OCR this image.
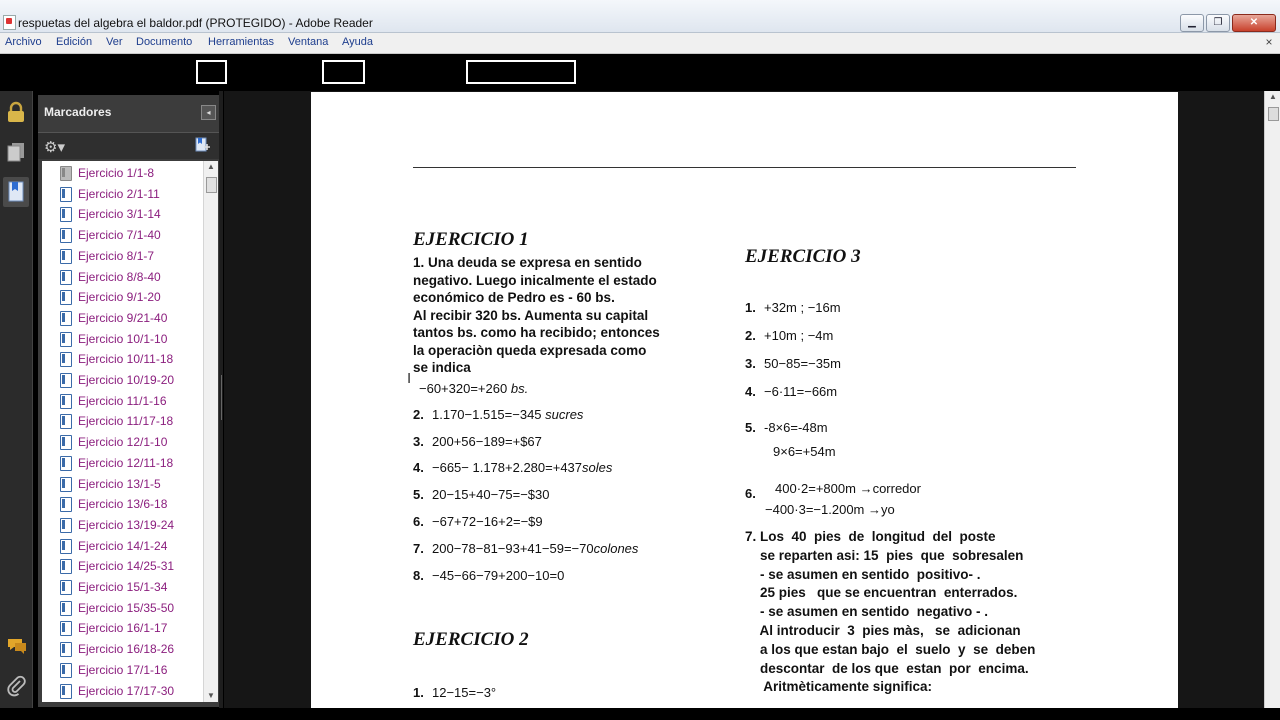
respuetas del algebra el baldor.pdf (PROTEGIDO) - Adobe Reader	▁	❐	✕
Archivo Edición Ver Documento Herramientas Ventana Ayuda	×
Marcadores	◂
⚙▾
▲
▼
Ejercicio 1/1-8
Ejercicio 2/1-11
Ejercicio 3/1-14
Ejercicio 7/1-40
Ejercicio 8/1-7
Ejercicio 8/8-40
Ejercicio 9/1-20
Ejercicio 9/21-40
Ejercicio 10/1-10
Ejercicio 10/11-18
Ejercicio 10/19-20
Ejercicio 11/1-16
Ejercicio 11/17-18
Ejercicio 12/1-10
Ejercicio 12/11-18
Ejercicio 13/1-5
Ejercicio 13/6-18
Ejercicio 13/19-24
Ejercicio 14/1-24
Ejercicio 14/25-31
Ejercicio 15/1-34
Ejercicio 15/35-50
Ejercicio 16/1-17
Ejercicio 16/18-26
Ejercicio 17/1-16
Ejercicio 17/17-30
EJERCICIO 1
1. Una deuda se expresa en sentido
negativo. Luego inicalmente el estado
económico de Pedro es - 60 bs.
Al recibir 320 bs. Aumenta su capital
tantos bs. como ha recibido; entonces
la operaciòn queda expresada como
se indica
I
−60+320=+260 bs.
2. 1.170−1.515=−345 sucres
3. 200+56−189=+$67
4. −665− 1.178+2.280=+437soles
5. 20−15+40−75=−$30
6. −67+72−16+2=−$9
7. 200−78−81−93+41−59=−70colones
8. −45−66−79+200−10=0
EJERCICIO 2
1. 12−15=−3°
EJERCICIO 3
1. +32m ; −16m
2. +10m ; −4m
3. 50−85=−35m
4. −6·11=−66m
5. -8×6=-48m
9×6=+54m
6.	400·2=+800m →corredor
−400·3=−1.200m →yo
7. Los  40  pies  de  longitud  del  poste
se reparten asi: 15  pies  que  sobresalen
- se asumen en sentido  positivo- .
25 pies   que se encuentran  enterrados.
- se asumen en sentido  negativo - .
Al introducir  3  pies màs,   se  adicionan
a los que estan bajo  el  suelo  y  se  deben
descontar  de los que  estan  por  encima.
Aritmèticamente significa:
▲
